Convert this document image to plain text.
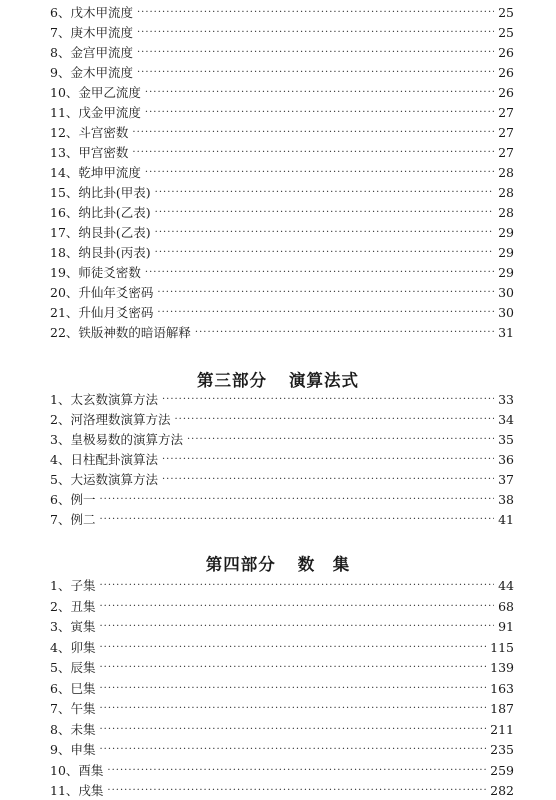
6 、戊木甲流度 ·····	25
7 、庚木甲流度 ·····	25
8 、金宫甲流度 ·····	26
9 、金木甲流度 ·····	26
10 、金甲乙流度 ·····	26
11 、戊金甲流度 ·····	27
12 、斗宫密数 ·····	27
13 、甲宫密数 ·····	27
14 、乾坤甲流度 ·····	28
15 、纳比卦(甲表) ·····	28
16 、纳比卦(乙表) ·····	28
17 、纳艮卦(乙表) ·····	29
18 、纳艮卦(丙表) ·····	29
19 、师徒爻密数 ·····	29
20 、升仙年爻密码 ·····	30
21 、升仙月爻密码 ·····	30
22 、铁版神数的暗语解释 ·····	31
第三部分 演算法式
1 、太玄数演算方法 ·····	33
2 、河洛理数演算方法 ·····	34
3 、皇极易数的演算方法 ·····	35
4 、日柱配卦演算法 ·····	36
5 、大运数演算方法 ·····	37
6 、例一 ·····	38
7 、例二 ·····	41
第四部分 数　集
1 、子集 ·····	44
2 、丑集 ·····	68
3 、寅集 ·····	91
4 、卯集 ·····	115
5 、辰集 ·····	139
6 、巳集 ·····	163
7 、午集 ·····	187
8 、未集 ·····	211
9 、申集 ·····	235
10 、酉集 ·····	259
11 、戌集 ·····	282
